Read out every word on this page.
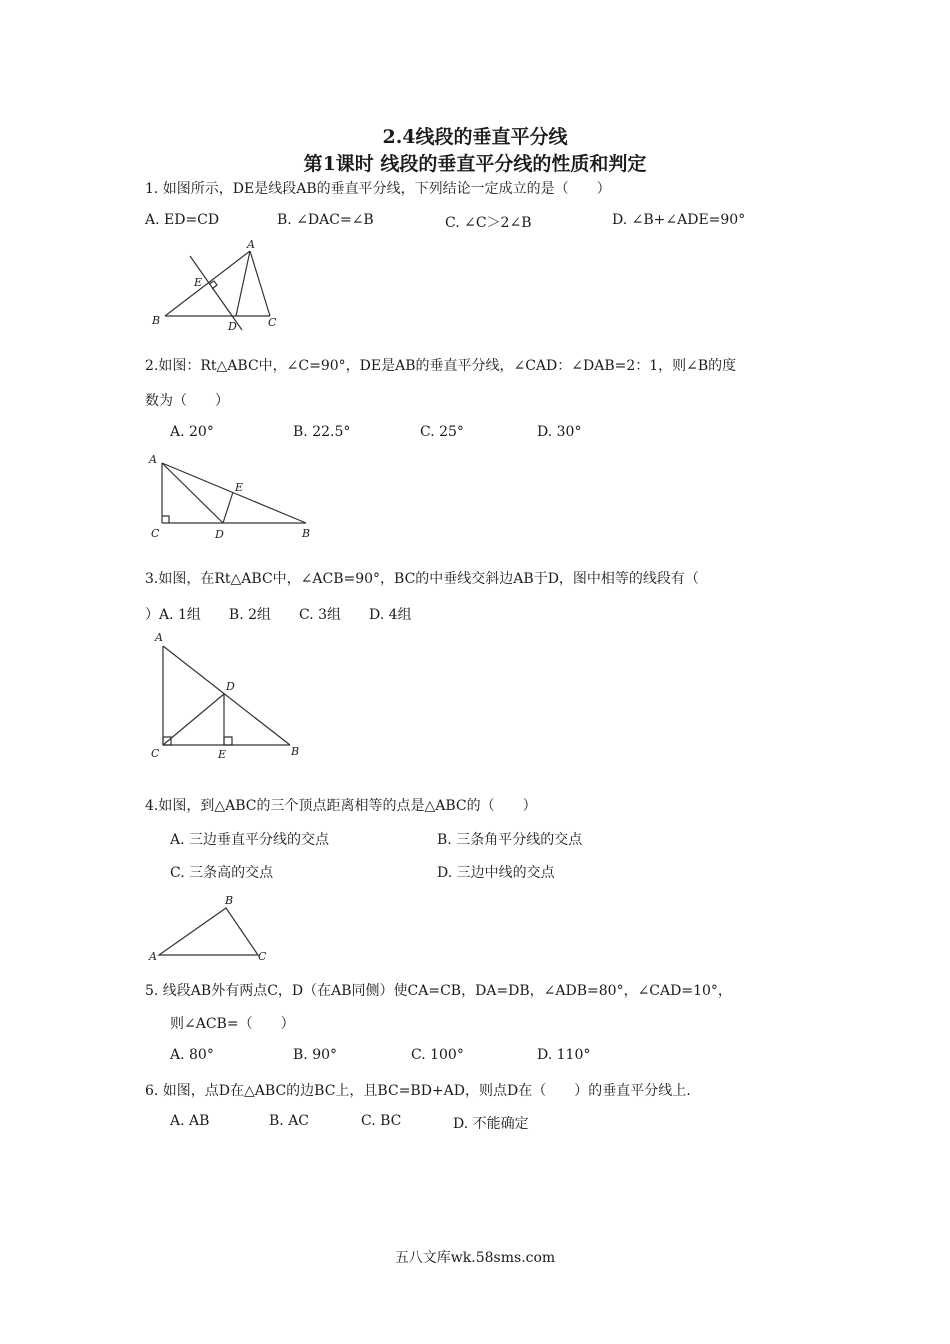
2.4线段的垂直平分线
第1课时 线段的垂直平分线的性质和判定
1. 如图所示，DE是线段AB的垂直平分线，下列结论一定成立的是（　　）
A. ED=CD	B. ∠DAC=∠B	C. ∠C＞2∠B	D. ∠B+∠ADE=90°
A
E
B	D	C
2.如图：Rt△ABC中，∠C=90°，DE是AB的垂直平分线，∠CAD：∠DAB=2：1，则∠B的度
数为（　　）
A. 20°	B. 22.5°	C. 25°	D. 30°
A
E
C	D	B
3.如图，在Rt△ABC中，∠ACB=90°，BC的中垂线交斜边AB于D，图中相等的线段有（
）A. 1组　　B. 2组　　C. 3组　　D. 4组
A
D
C	E	B
4.如图，到△ABC的三个顶点距离相等的点是△ABC的（　　）
A. 三边垂直平分线的交点	B. 三条角平分线的交点
C. 三条高的交点	D. 三边中线的交点
B
A	C
5. 线段AB外有两点C，D（在AB同侧）使CA=CB，DA=DB，∠ADB=80°，∠CAD=10°，
则∠ACB=（　　）
A. 80°	B. 90°	C. 100°	D. 110°
6. 如图，点D在△ABC的边BC上，且BC=BD+AD，则点D在（　　）的垂直平分线上.
A. AB	B. AC	C. BC	D. 不能确定
五八文库wk.58sms.com
